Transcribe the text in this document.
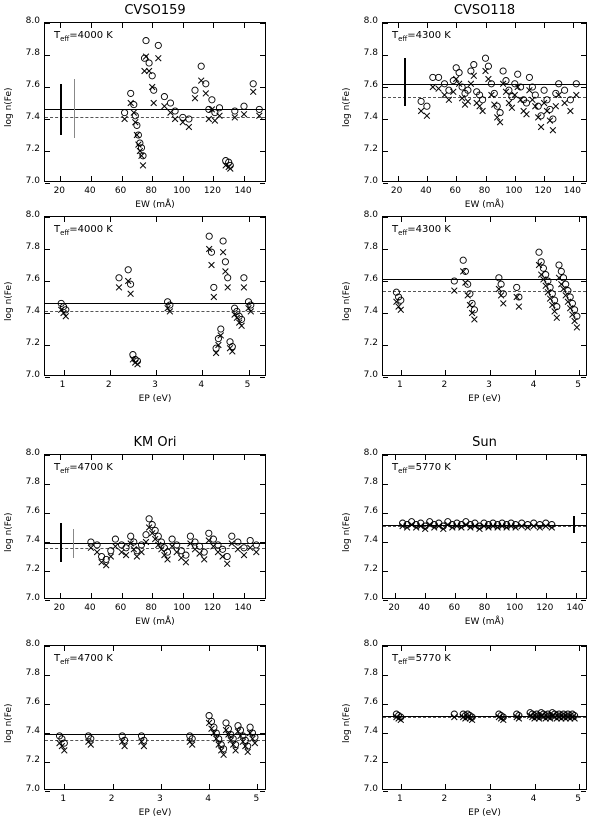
CVSO159
$T_{eff}=4000$ K
20	40	60	80	100	120	140
7.0
7.2
7.4
7.6
7.8
8.0
EW (mÅ)
log n(Fe)
CVSO118
$T_{eff}=4300$ K
20	40	60	80	100	120	140
7.0
7.2
7.4
7.6
7.8
8.0
EW (mÅ)
log n(Fe)
$T_{eff}=4000$ K
1	2	3	4	5
7.0
7.2
7.4
7.6
7.8
8.0
EP (eV)
log n(Fe)
$T_{eff}=4300$ K
1	2	3	4	5
7.0
7.2
7.4
7.6
7.8
8.0
EP (eV)
log n(Fe)
KM Ori
$T_{eff}=4700$ K
20	40	60	80	100	120	140
7.0
7.2
7.4
7.6
7.8
8.0
EW (mÅ)
log n(Fe)
Sun
$T_{eff}=5770$ K
20	40	60	80	100	120	140
7.0
7.2
7.4
7.6
7.8
8.0
EW (mÅ)
log n(Fe)
$T_{eff}=4700$ K
1	2	3	4	5
7.0
7.2
7.4
7.6
7.8
8.0
EP (eV)
log n(Fe)
$T_{eff}=5770$ K
1	2	3	4	5
7.0
7.2
7.4
7.6
7.8
8.0
EP (eV)
log n(Fe)
